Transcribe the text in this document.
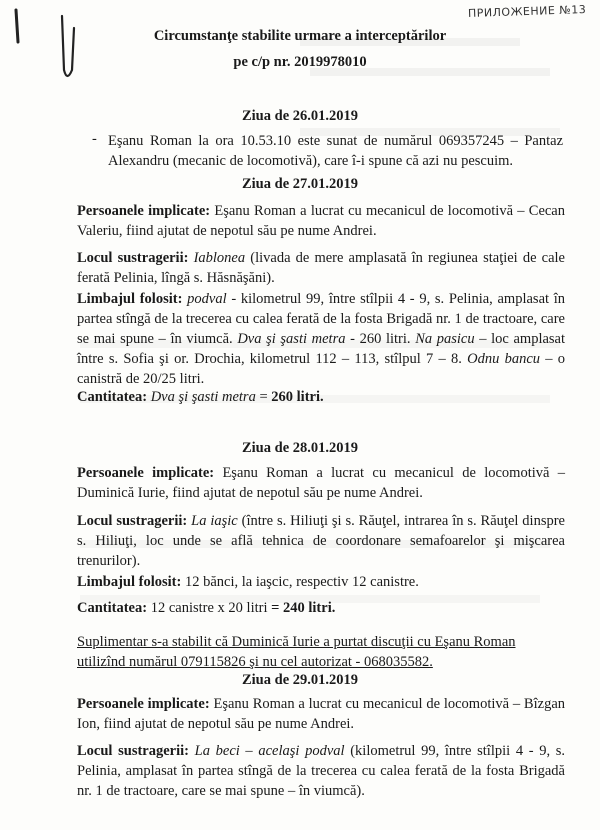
ПРИЛОЖЕНИЕ №13
Circumstanţe stabilite urmare a interceptărilor
pe c/p nr. 2019978010
Ziua de 26.01.2019
- Eşanu Roman la ora 10.53.10 este sunat de numărul 069357245 – Pantaz Alexandru (mecanic de locomotivă), care î-i spune că azi nu pescuim.
Ziua de 27.01.2019
Persoanele implicate: Eşanu Roman a lucrat cu mecanicul de locomotivă – Cecan Valeriu, fiind ajutat de nepotul său pe nume Andrei.
Locul sustragerii: Iablonea (livada de mere amplasată în regiunea staţiei de cale ferată Pelinia, lîngă s. Hăsnăşăni).
Limbajul folosit: podval - kilometrul 99, între stîlpii 4 - 9, s. Pelinia, amplasat în partea stîngă de la trecerea cu calea ferată de la fosta Brigadă nr. 1 de tractoare, care se mai spune – în viumcă. Dva şi şasti metra - 260 litri. Na pasicu – loc amplasat între s. Sofia şi or. Drochia, kilometrul 112 – 113, stîlpul 7 – 8. Odnu bancu – o canistră de 20/25 litri.
Cantitatea: Dva şi şasti metra = 260 litri.
Ziua de 28.01.2019
Persoanele implicate: Eşanu Roman a lucrat cu mecanicul de locomotivă – Duminică Iurie, fiind ajutat de nepotul său pe nume Andrei.
Locul sustragerii: La iaşic (între s. Hiliuţi şi s. Răuţel, intrarea în s. Răuţel dinspre s. Hiliuţi, loc unde se află tehnica de coordonare semafoarelor şi mişcarea trenurilor).
Limbajul folosit: 12 bănci, la iaşcic, respectiv 12 canistre.
Cantitatea: 12 canistre x 20 litri = 240 litri.
Suplimentar s-a stabilit că Duminică Iurie a purtat discuţii cu Eşanu Roman utilizînd numărul 079115826 şi nu cel autorizat - 068035582.
Ziua de 29.01.2019
Persoanele implicate: Eşanu Roman a lucrat cu mecanicul de locomotivă – Bîzgan Ion, fiind ajutat de nepotul său pe nume Andrei.
Locul sustragerii: La beci – acelaşi podval (kilometrul 99, între stîlpii 4 - 9, s. Pelinia, amplasat în partea stîngă de la trecerea cu calea ferată de la fosta Brigadă nr. 1 de tractoare, care se mai spune – în viumcă).
